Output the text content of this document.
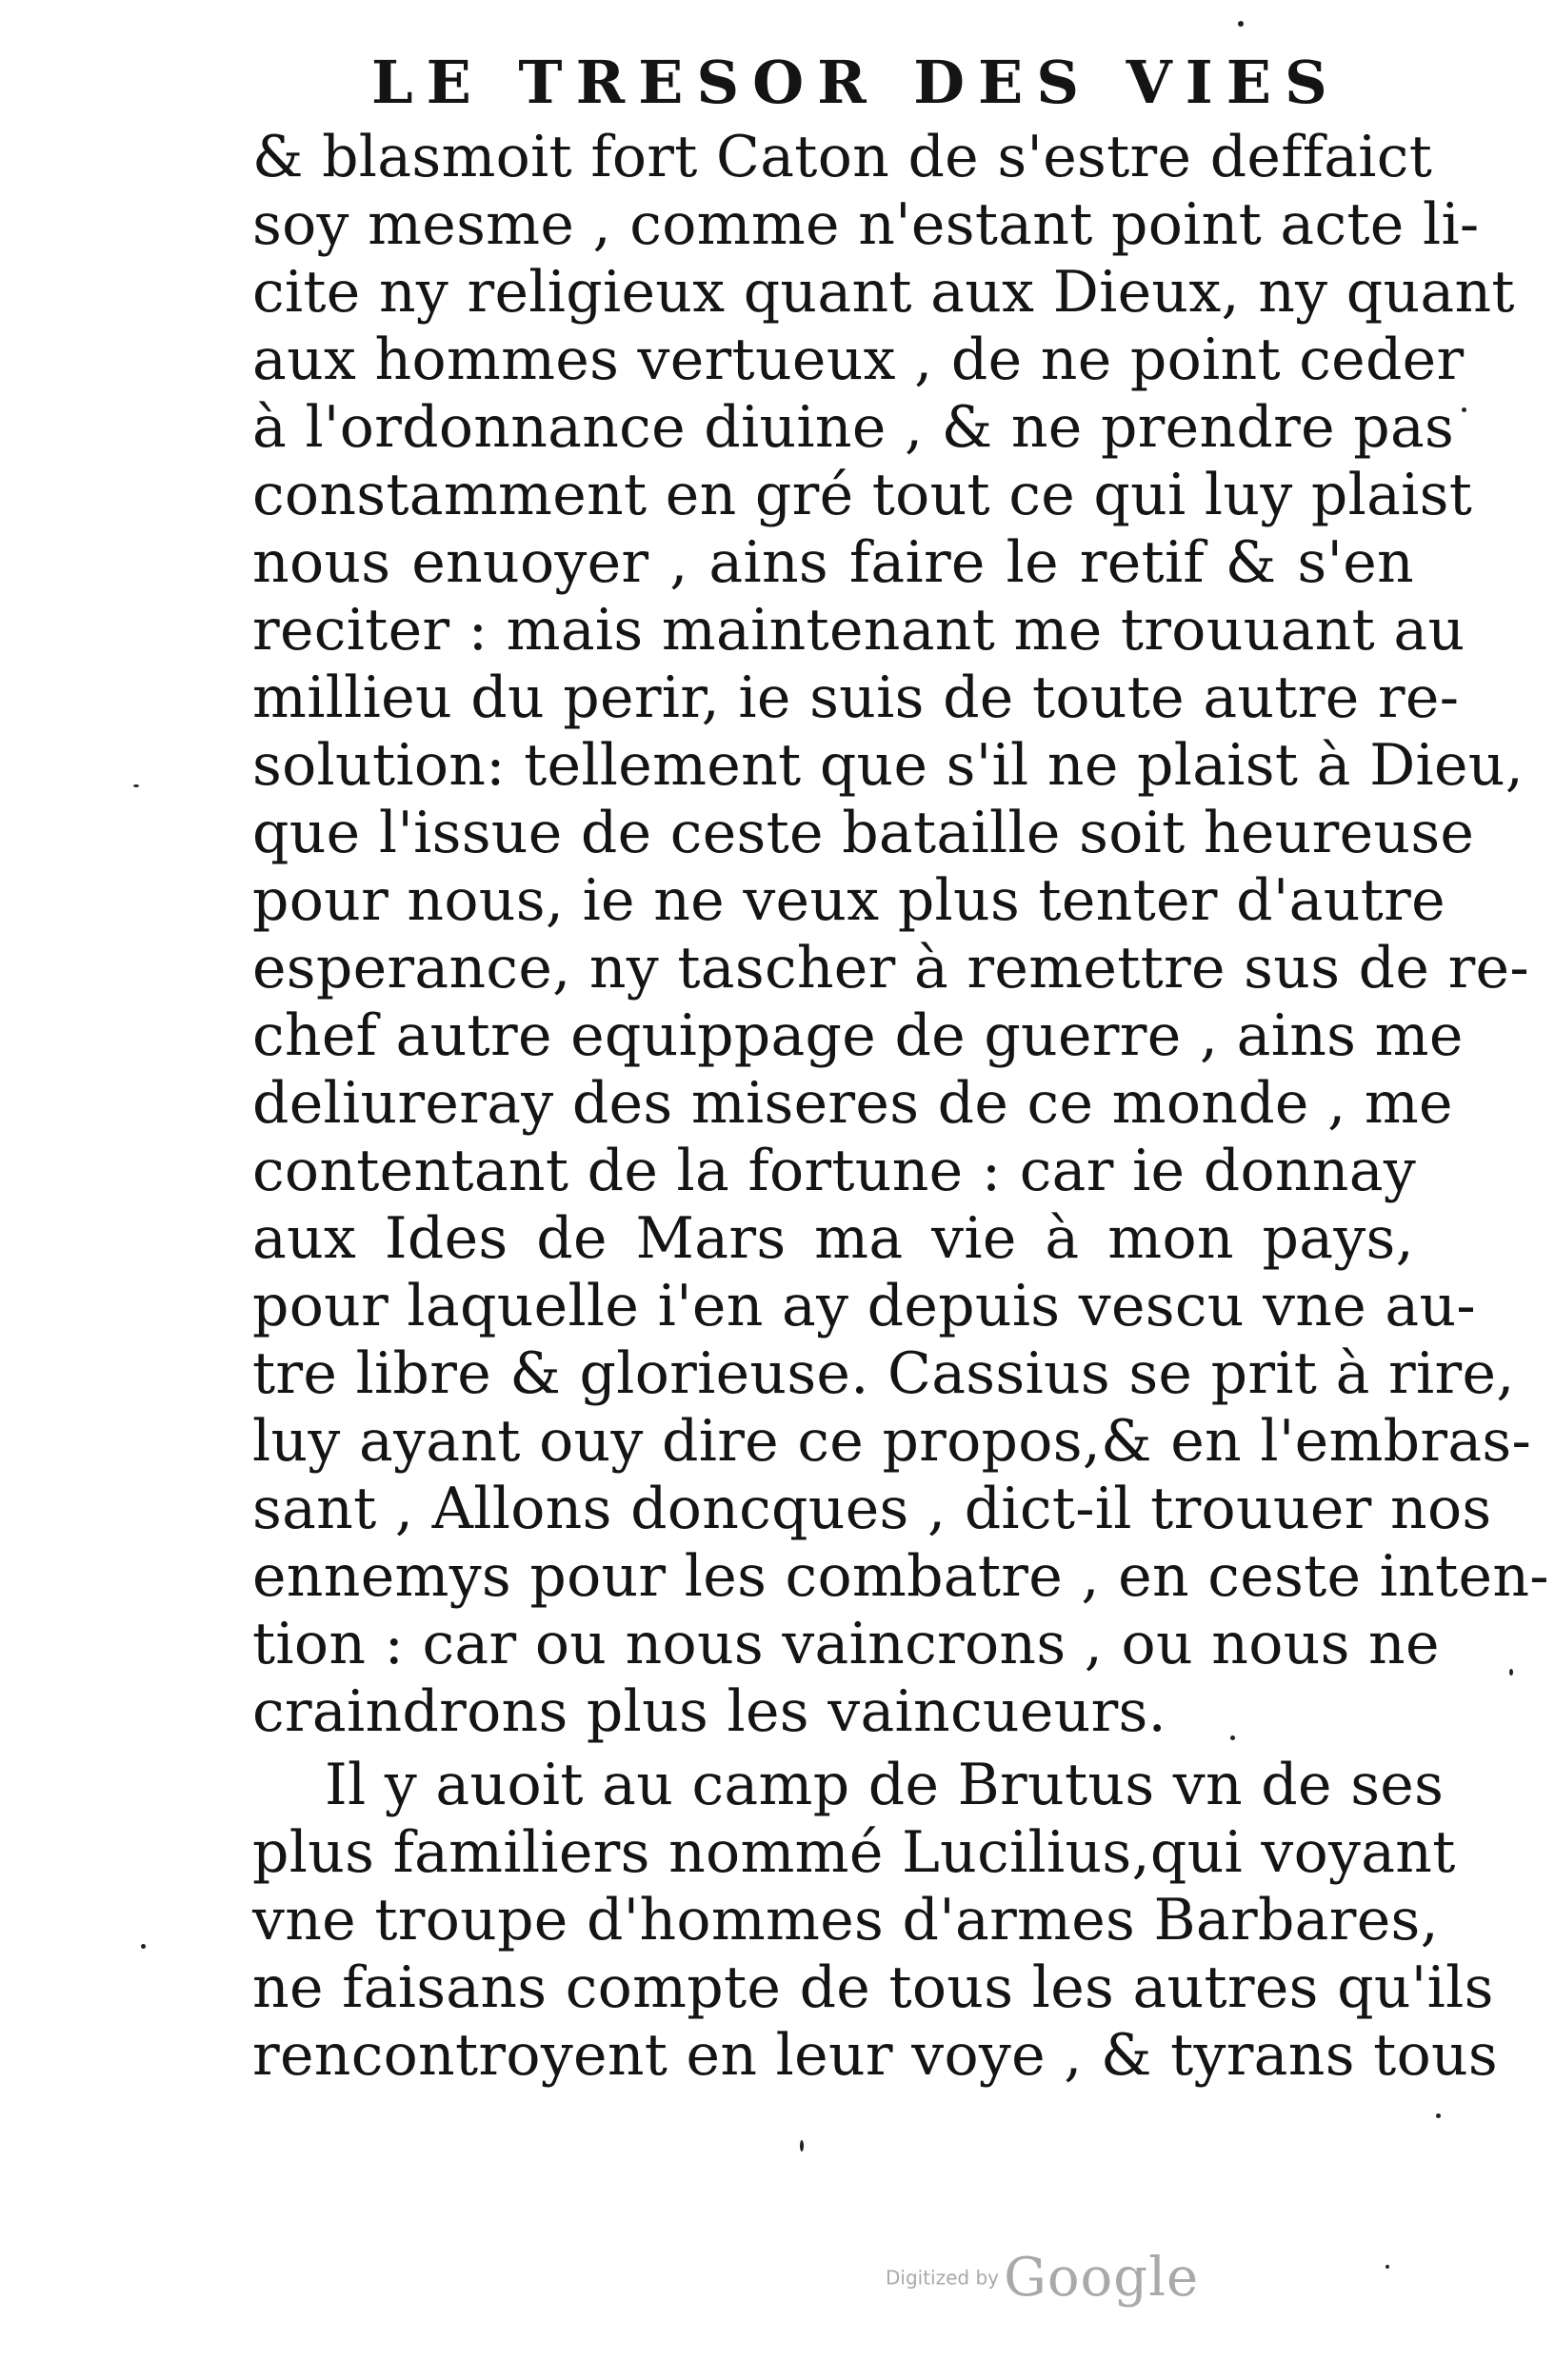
LE TRESOR DES VIES
& blasmoit fort Caton de s'estre deffaict
soy mesme , comme n'estant point acte li-
cite ny religieux quant aux Dieux, ny quant
aux hommes vertueux , de ne point ceder
à l'ordonnance diuine , & ne prendre pas
constamment en gré tout ce qui luy plaist
nous enuoyer , ains faire le retif & s'en
reciter : mais maintenant me trouuant au
millieu du perir, ie suis de toute autre re-
solution: tellement que s'il ne plaist à Dieu,
que l'issue de ceste bataille soit heureuse
pour nous, ie ne veux plus tenter d'autre
esperance, ny tascher à remettre sus de re-
chef autre equippage de guerre , ains me
deliureray des miseres de ce monde , me
contentant de la fortune : car ie donnay
aux Ides de Mars ma vie à mon pays,
pour laquelle i'en ay depuis vescu vne au-
tre libre & glorieuse. Cassius se prit à rire,
luy ayant ouy dire ce propos,& en l'embras-
sant , Allons doncques , dict-il trouuer nos
ennemys pour les combatre , en ceste inten-
tion : car ou nous vaincrons , ou nous ne
craindrons plus les vaincueurs.
Il y auoit au camp de Brutus vn de ses
plus familiers nommé Lucilius,qui voyant
vne troupe d'hommes d'armes Barbares,
ne faisans compte de tous les autres qu'ils
rencontroyent en leur voye , & tyrans tous
Digitized by Google
